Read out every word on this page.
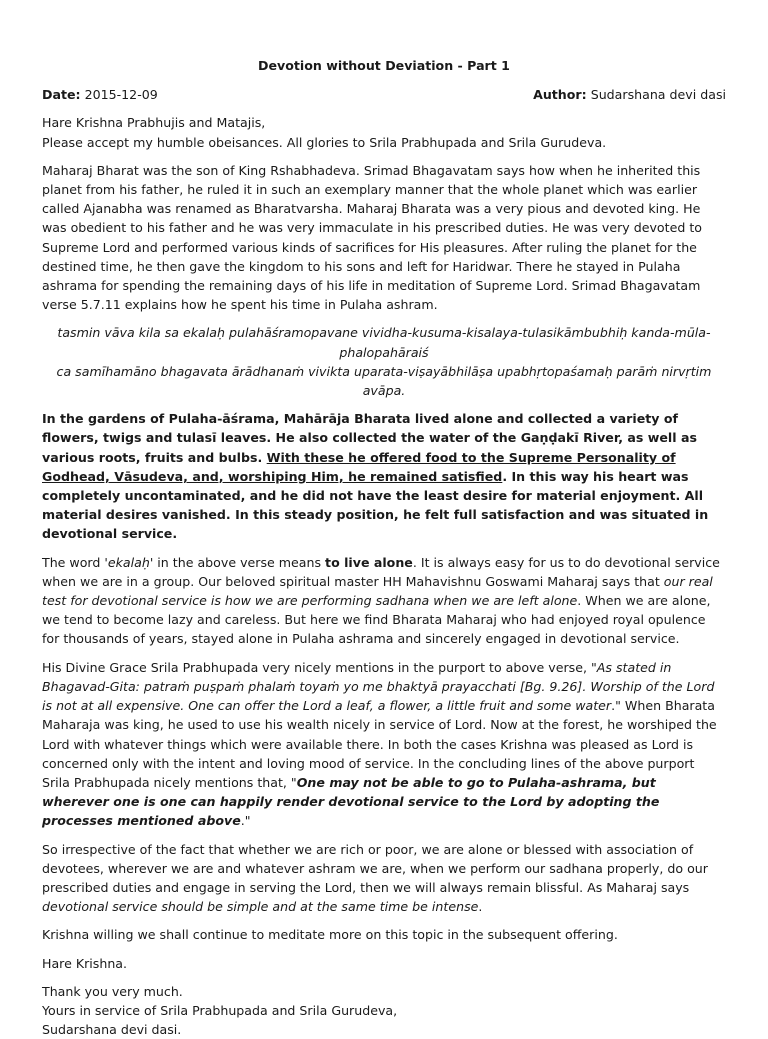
Devotion without Deviation - Part 1
Date: 2015-12-09	Author: Sudarshana devi dasi

Hare Krishna Prabhujis and Matajis,
Please accept my humble obeisances. All glories to Srila Prabhupada and Srila Gurudeva.

Maharaj Bharat was the son of King Rshabhadeva. Srimad Bhagavatam says how when he inherited this planet from his father, he ruled it in such an exemplary manner that the whole planet which was earlier called Ajanabha was renamed as Bharatvarsha. Maharaj Bharata was a very pious and devoted king. He was obedient to his father and he was very immaculate in his prescribed duties. He was very devoted to Supreme Lord and performed various kinds of sacrifices for His pleasures. After ruling the planet for the destined time, he then gave the kingdom to his sons and left for Haridwar. There he stayed in Pulaha ashrama for spending the remaining days of his life in meditation of Supreme Lord. Srimad Bhagavatam verse 5.7.11 explains how he spent his time in Pulaha ashram.

tasmin vāva kila sa ekalaḥ pulahāśramopavane vividha-kusuma-kisalaya-tulasikāmbubhiḥ kanda-mūla-phalopahāraiś
ca samīhamāno bhagavata ārādhanaṁ vivikta uparata-viṣayābhilāṣa upabhṛtopaśamaḥ parāṁ nirvṛtim avāpa.

In the gardens of Pulaha-āśrama, Mahārāja Bharata lived alone and collected a variety of flowers, twigs and tulasī leaves. He also collected the water of the Gaṇḍakī River, as well as various roots, fruits and bulbs. With these he offered food to the Supreme Personality of Godhead, Vāsudeva, and, worshiping Him, he remained satisfied. In this way his heart was completely uncontaminated, and he did not have the least desire for material enjoyment. All material desires vanished. In this steady position, he felt full satisfaction and was situated in devotional service.

The word 'ekalaḥ' in the above verse means to live alone. It is always easy for us to do devotional service when we are in a group. Our beloved spiritual master HH Mahavishnu Goswami Maharaj says that our real test for devotional service is how we are performing sadhana when we are left alone. When we are alone, we tend to become lazy and careless. But here we find Bharata Maharaj who had enjoyed royal opulence for thousands of years, stayed alone in Pulaha ashrama and sincerely engaged in devotional service.

His Divine Grace Srila Prabhupada very nicely mentions in the purport to above verse, "As stated in Bhagavad-Gita: patraṁ puṣpaṁ phalaṁ toyaṁ yo me bhaktyā prayacchati [Bg. 9.26]. Worship of the Lord is not at all expensive. One can offer the Lord a leaf, a flower, a little fruit and some water." When Bharata Maharaja was king, he used to use his wealth nicely in service of Lord. Now at the forest, he worshiped the Lord with whatever things which were available there. In both the cases Krishna was pleased as Lord is concerned only with the intent and loving mood of service. In the concluding lines of the above purport Srila Prabhupada nicely mentions that, "One may not be able to go to Pulaha-ashrama, but wherever one is one can happily render devotional service to the Lord by adopting the processes mentioned above."

So irrespective of the fact that whether we are rich or poor, we are alone or blessed with association of devotees, wherever we are and whatever ashram we are, when we perform our sadhana properly, do our prescribed duties and engage in serving the Lord, then we will always remain blissful. As Maharaj says devotional service should be simple and at the same time be intense.

Krishna willing we shall continue to meditate more on this topic in the subsequent offering.

Hare Krishna.

Thank you very much.
Yours in service of Srila Prabhupada and Srila Gurudeva,
Sudarshana devi dasi.
